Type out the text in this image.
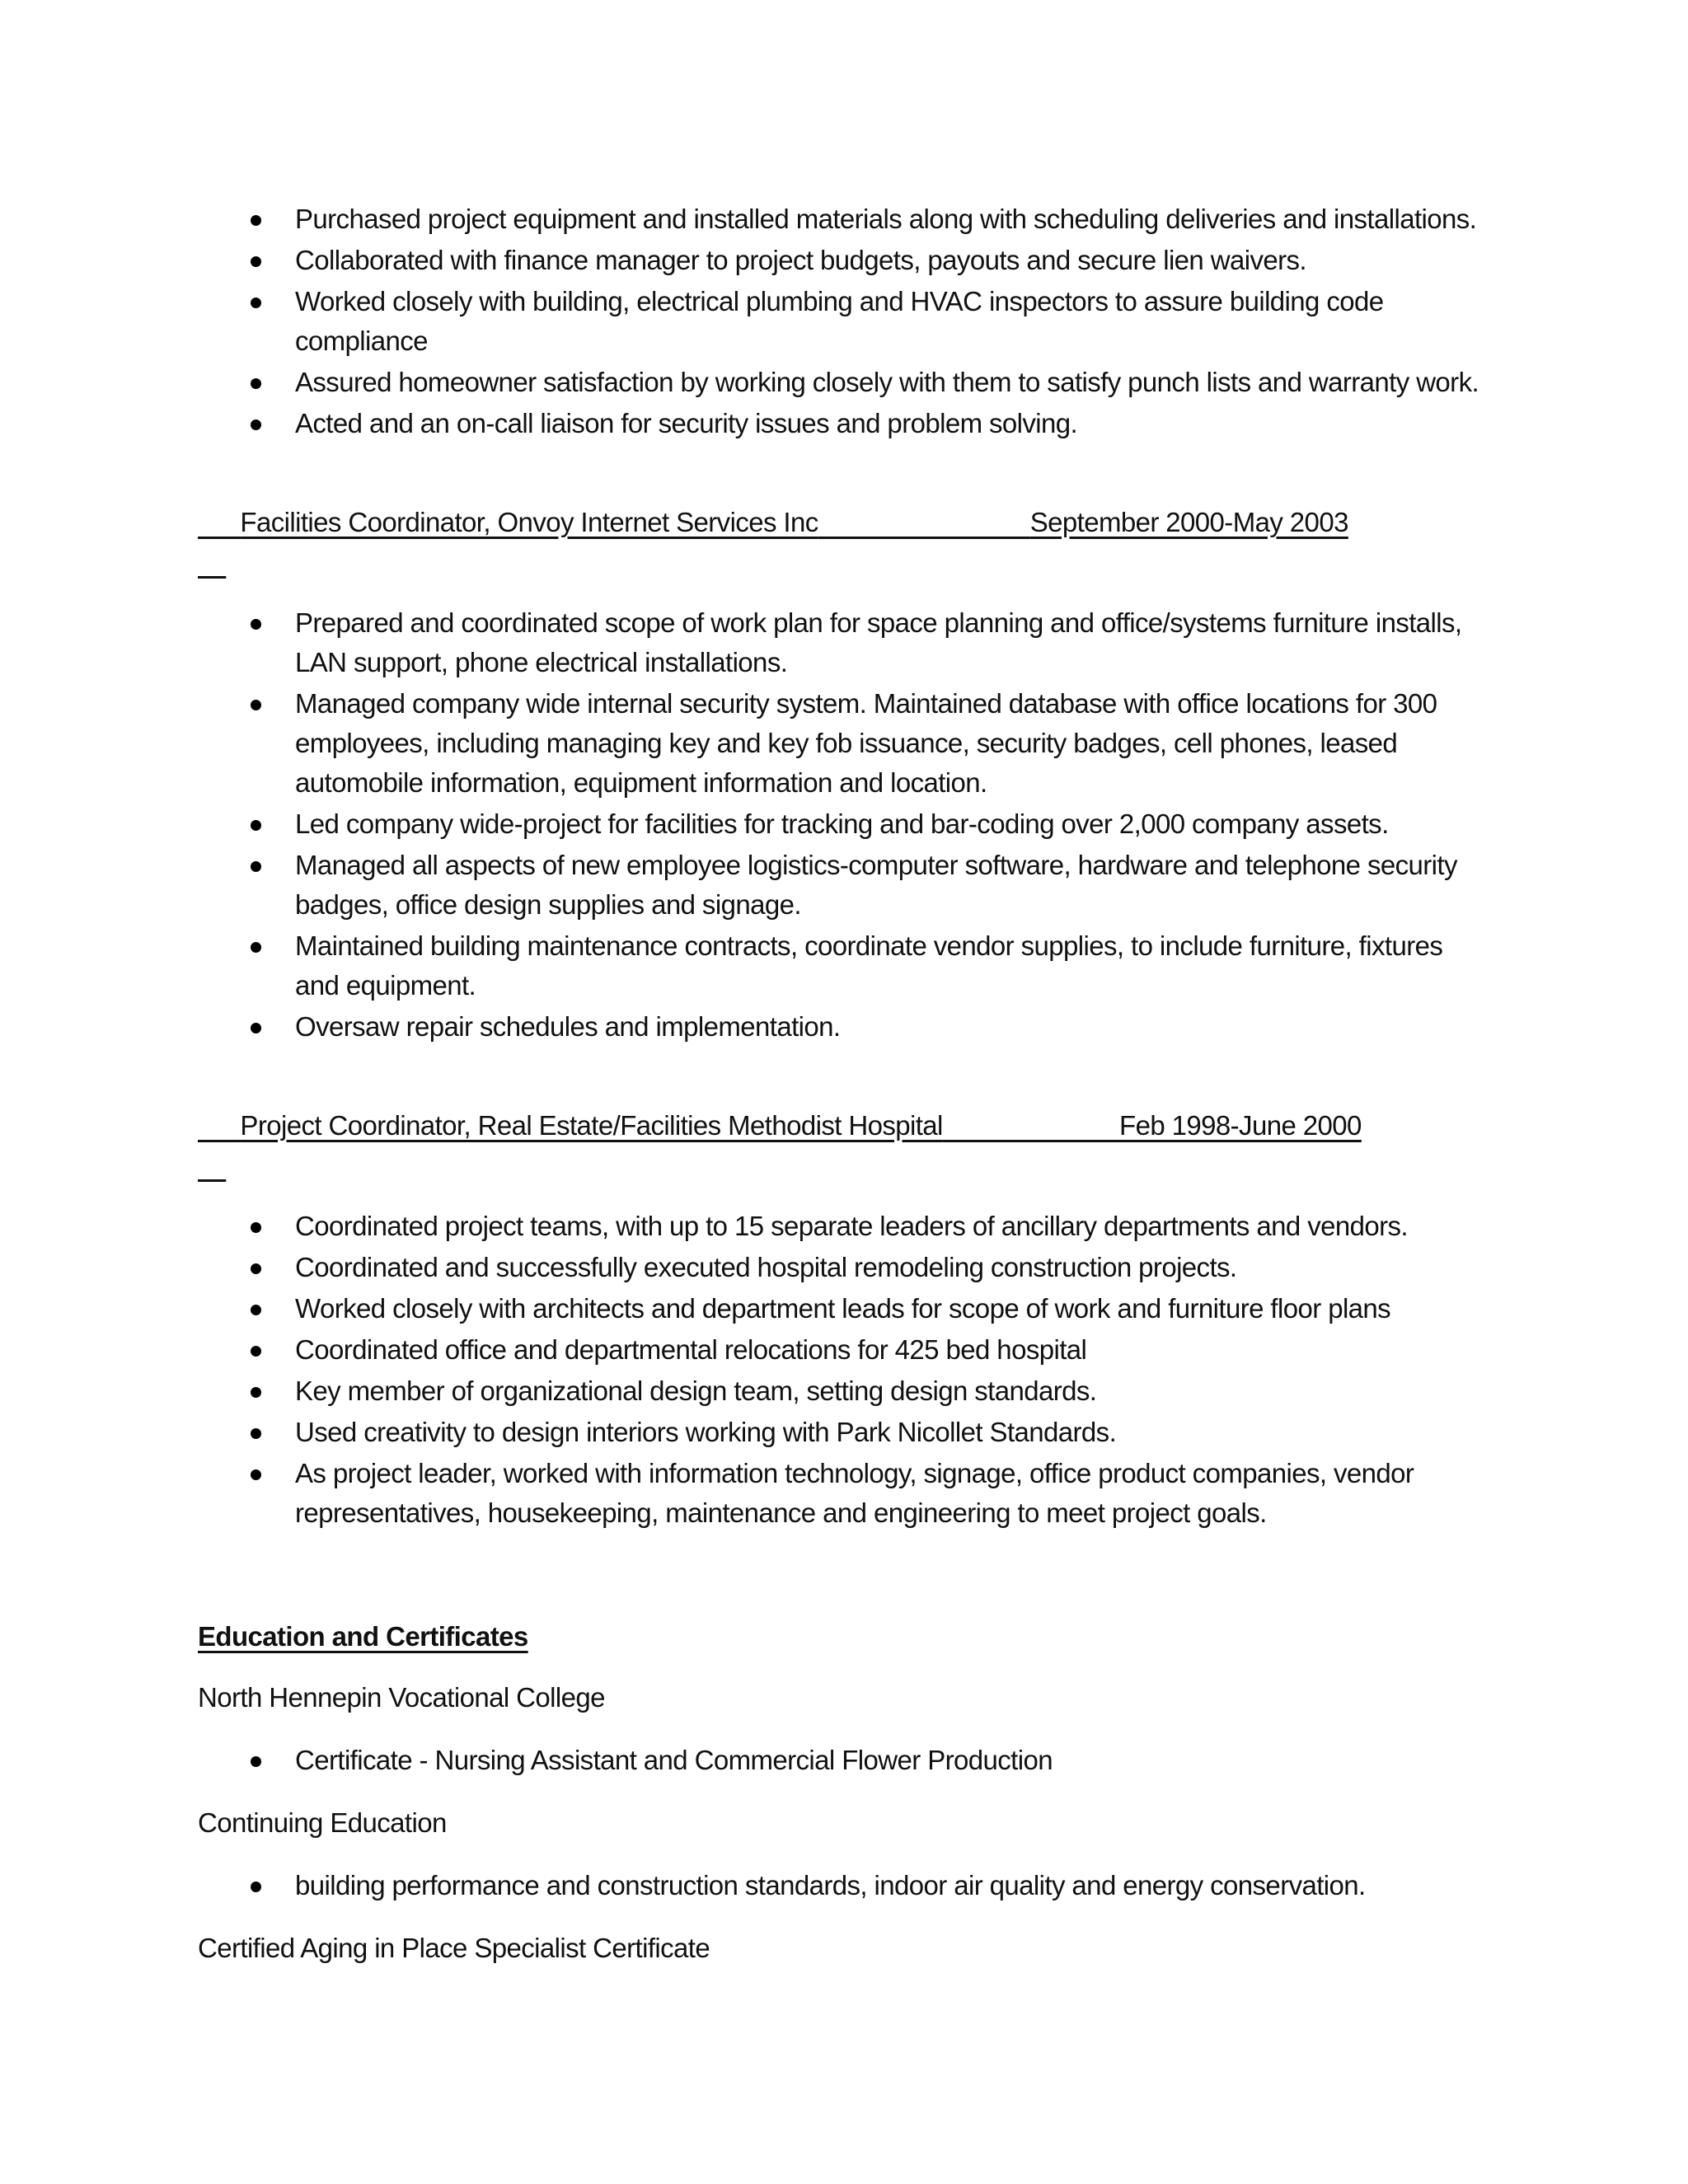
Purchased project equipment and installed materials along with scheduling deliveries and installations.
Collaborated with finance manager to project budgets, payouts and secure lien waivers.
Worked closely with building, electrical plumbing and HVAC inspectors to assure building code compliance
Assured homeowner satisfaction by working closely with them to satisfy punch lists and warranty work.
Acted and an on-call liaison for security issues and problem solving.

Facilities Coordinator, Onvoy Internet Services Inc	September 2000-May 2003

Prepared and coordinated scope of work plan for space planning and office/systems furniture installs, LAN support, phone electrical installations.
Managed company wide internal security system. Maintained database with office locations for 300 employees, including managing key and key fob issuance, security badges, cell phones, leased automobile information, equipment information and location.
Led company wide-project for facilities for tracking and bar-coding over 2,000 company assets.
Managed all aspects of new employee logistics-computer software, hardware and telephone security badges, office design supplies and signage.
Maintained building maintenance contracts, coordinate vendor supplies, to include furniture, fixtures and equipment.
Oversaw repair schedules and implementation.

Project Coordinator, Real Estate/Facilities Methodist Hospital	Feb 1998-June 2000

Coordinated project teams, with up to 15 separate leaders of ancillary departments and vendors.
Coordinated and successfully executed hospital remodeling construction projects.
Worked closely with architects and department leads for scope of work and furniture floor plans
Coordinated office and departmental relocations for 425 bed hospital
Key member of organizational design team, setting design standards.
Used creativity to design interiors working with Park Nicollet Standards.
As project leader, worked with information technology, signage, office product companies, vendor representatives, housekeeping, maintenance and engineering to meet project goals.
Education and Certificates
North Hennepin Vocational College
Certificate - Nursing Assistant and Commercial Flower Production
Continuing Education
building performance and construction standards, indoor air quality and energy conservation.
Certified Aging in Place Specialist Certificate
